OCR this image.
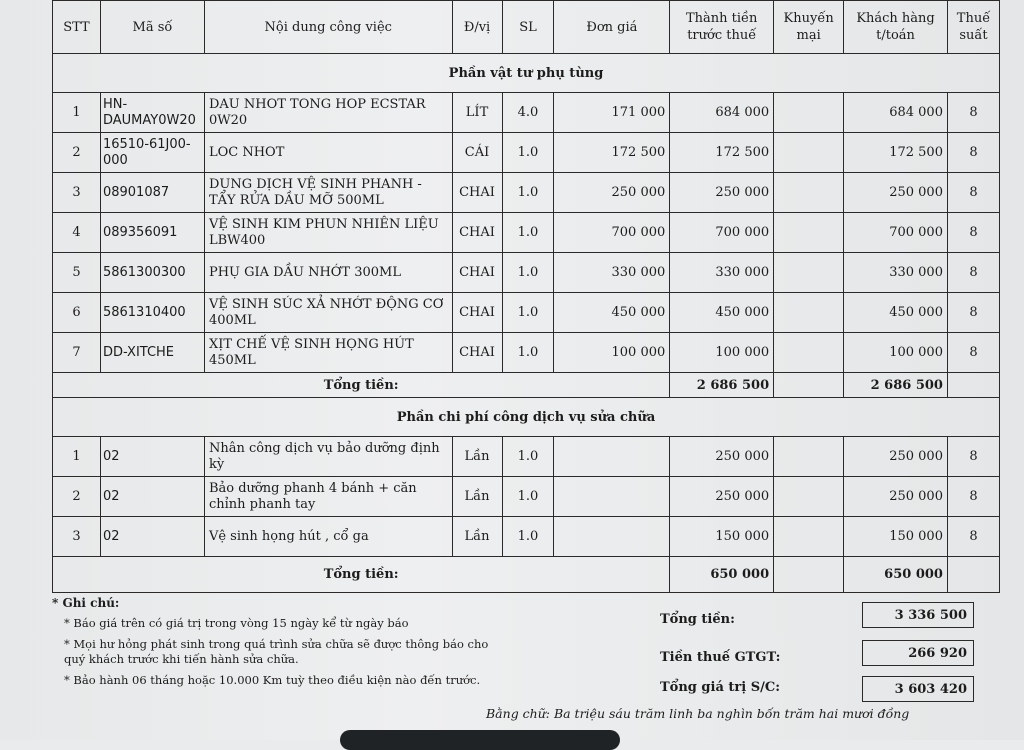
STT	Mã số	Nội dung công việc	Đ/vị	SL	Đơn giá	Thành tiền trước thuế	Khuyến mại	Khách hàng t/toán	Thuế suất
Phần vật tư phụ tùng									
1	HN-DAUMAY0W20	DAU NHOT TONG HOP ECSTAR 0W20	LÍT	4.0	171 000	684 000		684 000	8
2	16510-61J00-000	LOC NHOT	CÁI	1.0	172 500	172 500		172 500	8
3	08901087	DUNG DỊCH VỆ SINH PHANH - TẨY RỬA DẦU MỠ 500ML	CHAI	1.0	250 000	250 000		250 000	8
4	089356091	VỆ SINH KIM PHUN NHIÊN LIỆU LBW400	CHAI	1.0	700 000	700 000		700 000	8
5	5861300300	PHỤ GIA DẦU NHỚT 300ML	CHAI	1.0	330 000	330 000		330 000	8
6	5861310400	VỆ SINH SÚC XẢ NHỚT ĐỘNG CƠ 400ML	CHAI	1.0	450 000	450 000		450 000	8
7	DD-XITCHE	XỊT CHẾ VỆ SINH HỌNG HÚT 450ML	CHAI	1.0	100 000	100 000		100 000	8
Tổng tiền:						2 686 500		2 686 500	
Phần chi phí công dịch vụ sửa chữa									
1	02	Nhân công dịch vụ bảo dưỡng định kỳ	Lần	1.0		250 000		250 000	8
2	02	Bảo dưỡng phanh 4 bánh + căn chỉnh phanh tay	Lần	1.0		250 000		250 000	8
3	02	Vệ sinh họng hút , cổ ga	Lần	1.0		150 000		150 000	8
Tổng tiền:						650 000		650 000	
* Ghi chú:
* Báo giá trên có giá trị trong vòng 15 ngày kể từ ngày báo
* Mọi hư hỏng phát sinh trong quá trình sửa chữa sẽ được thông báo cho quý khách trước khi tiến hành sửa chữa.
* Bảo hành 06 tháng hoặc 10.000 Km tuỳ theo điều kiện nào đến trước.
Tổng tiền:	3 336 500
Tiền thuế GTGT:	266 920
Tổng giá trị S/C:	3 603 420
Bằng chữ: Ba triệu sáu trăm linh ba nghìn bốn trăm hai mươi đồng
